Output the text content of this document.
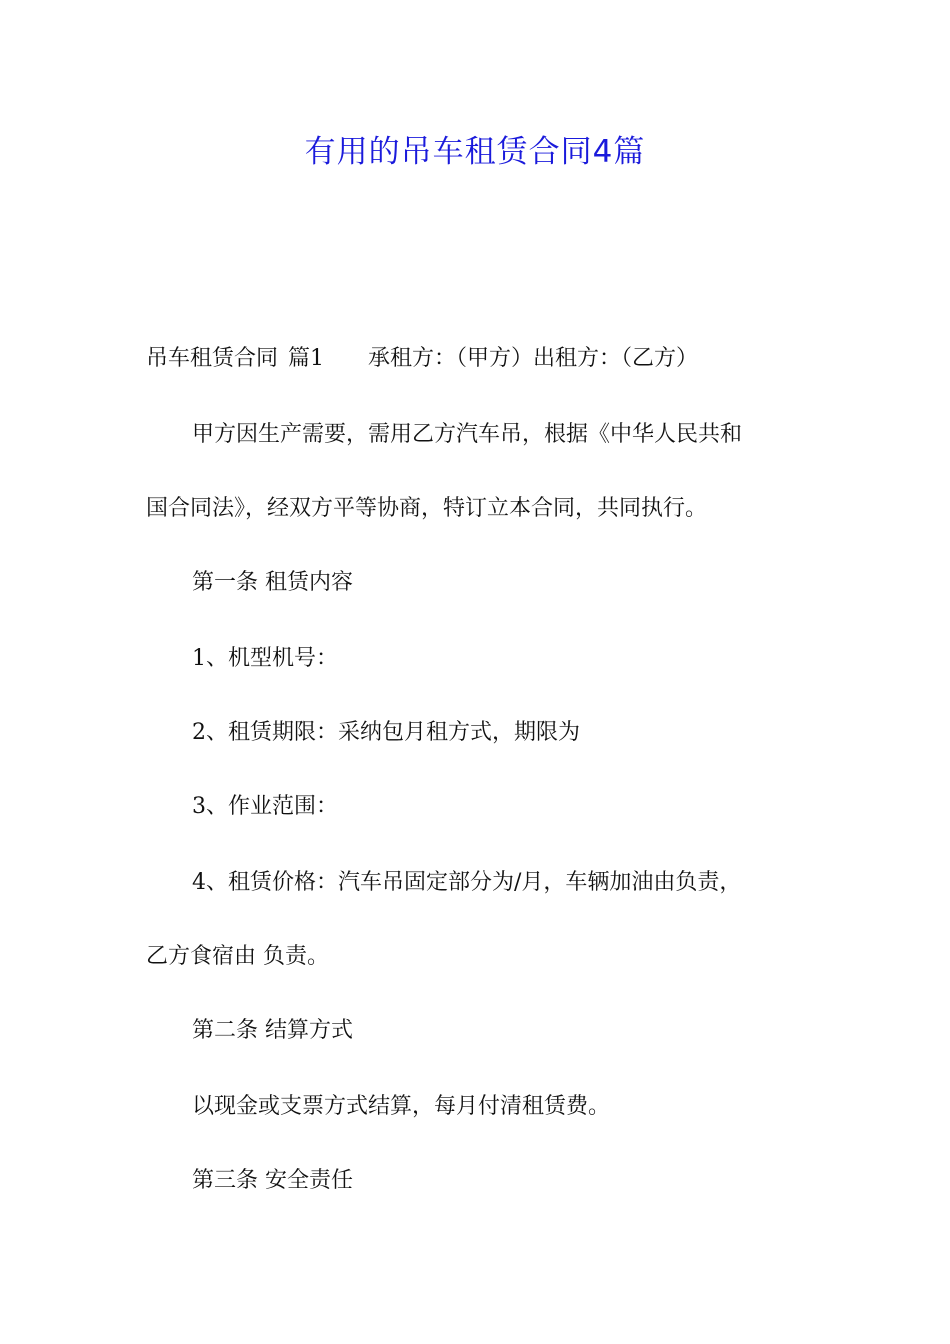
有用的吊车租赁合同4篇

吊车租赁合同 篇1 承租方：（甲方）出租方：（乙方）

甲方因生产需要，需用乙方汽车吊，根据《中华人民共和

国合同法》，经双方平等协商，特订立本合同，共同执行。

第一条 租赁内容

1、机型机号：

2、租赁期限：采纳包月租方式，期限为

3、作业范围：

4、租赁价格：汽车吊固定部分为/月，车辆加油由负责，

乙方食宿由 负责。

第二条 结算方式

以现金或支票方式结算，每月付清租赁费。

第三条 安全责任
